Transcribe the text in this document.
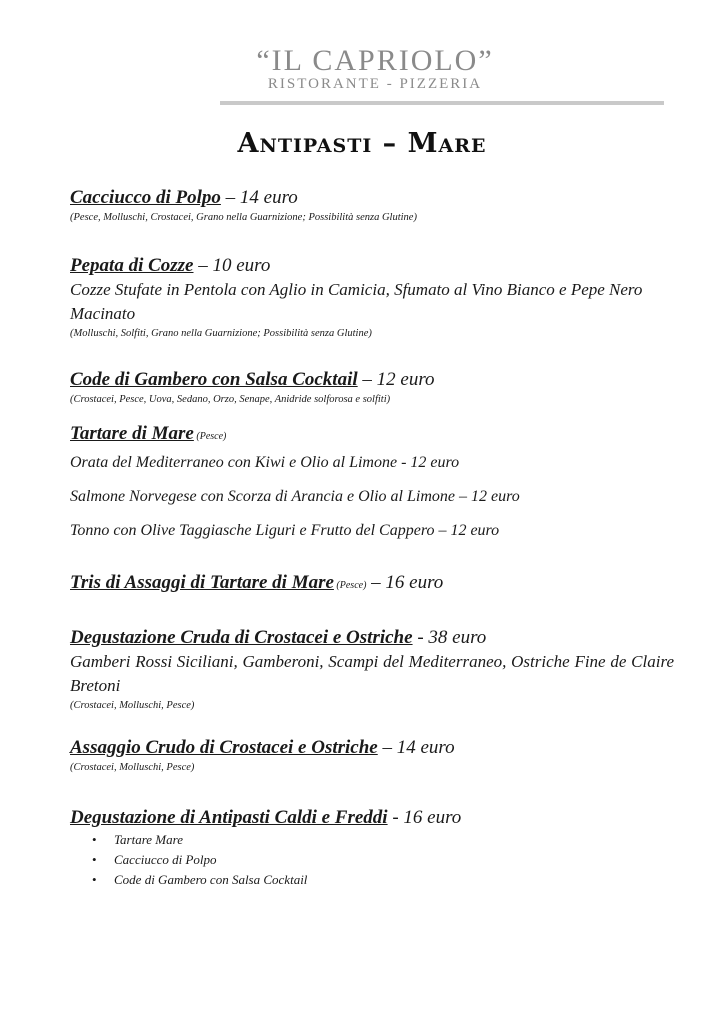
“IL CAPRIOLO”
RISTORANTE - PIZZERIA
Antipasti – Mare
Cacciucco di Polpo – 14 euro
(Pesce, Molluschi, Crostacei, Grano nella Guarnizione; Possibilità senza Glutine)
Pepata di Cozze – 10 euro
Cozze Stufate in Pentola con Aglio in Camicia, Sfumato al Vino Bianco e Pepe Nero Macinato
(Molluschi, Solfiti, Grano nella Guarnizione; Possibilità senza Glutine)
Code di Gambero con Salsa Cocktail – 12 euro
(Crostacei, Pesce, Uova, Sedano, Orzo, Senape, Anidride solforosa e solfiti)
Tartare di Mare (Pesce)
Orata del Mediterraneo con Kiwi e Olio al Limone - 12 euro
Salmone Norvegese con Scorza di Arancia e Olio al Limone – 12 euro
Tonno con Olive Taggiasche Liguri e Frutto del Cappero – 12 euro
Tris di Assaggi di Tartare di Mare (Pesce) – 16 euro
Degustazione Cruda di Crostacei e Ostriche - 38 euro
Gamberi Rossi Siciliani, Gamberoni, Scampi del Mediterraneo, Ostriche Fine de Claire Bretoni
(Crostacei, Molluschi, Pesce)
Assaggio Crudo di Crostacei e Ostriche – 14 euro
(Crostacei, Molluschi, Pesce)
Degustazione di Antipasti Caldi e Freddi - 16 euro
• Tartare Mare
• Cacciucco di Polpo
• Code di Gambero con Salsa Cocktail
